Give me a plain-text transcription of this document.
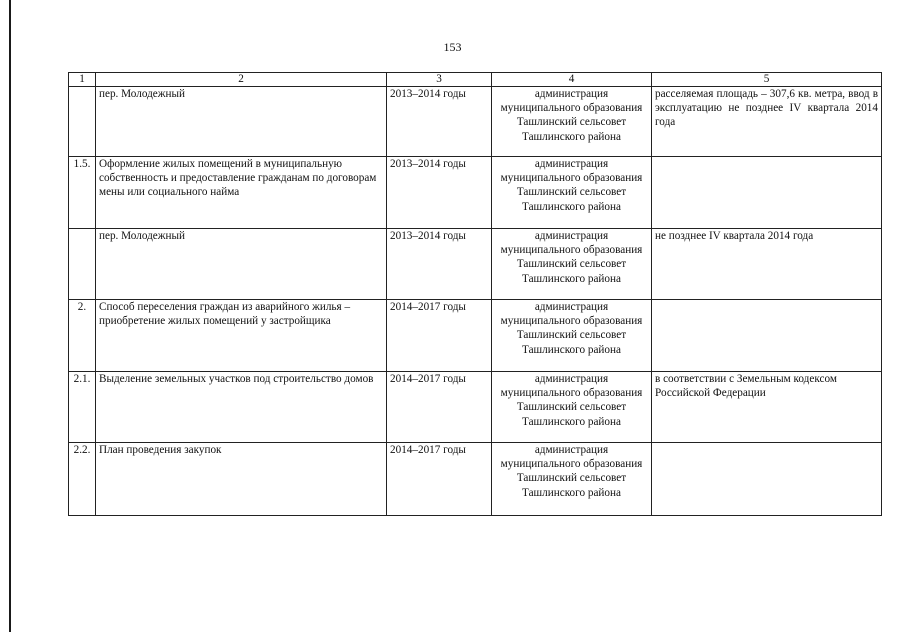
153
1	2	3	4	5
	пер. Молодежный	2013–2014 годы	администрация муниципального образования Ташлинский сельсовет Ташлинского района	расселяемая площадь – 307,6 кв. метра, ввод в эксплуатацию не позднее IV квартала 2014 года
1.5.	Оформление жилых помещений в муниципальную собственность и предоставление гражданам по договорам мены или социального найма	2013–2014 годы	администрация муниципального образования Ташлинский сельсовет Ташлинского района	
	пер. Молодежный	2013–2014 годы	администрация муниципального образования Ташлинский сельсовет Ташлинского района	не позднее IV квартала 2014 года
2.	Способ переселения граждан из аварийного жилья – приобретение жилых помещений у застройщика	2014–2017 годы	администрация муниципального образования Ташлинский сельсовет Ташлинского района	
2.1.	Выделение земельных участков под строительство домов	2014–2017 годы	администрация муниципального образования Ташлинский сельсовет Ташлинского района	в соответствии с Земельным кодексом Российской Федерации
2.2.	План проведения закупок	2014–2017 годы	администрация муниципального образования Ташлинский сельсовет Ташлинского района	
